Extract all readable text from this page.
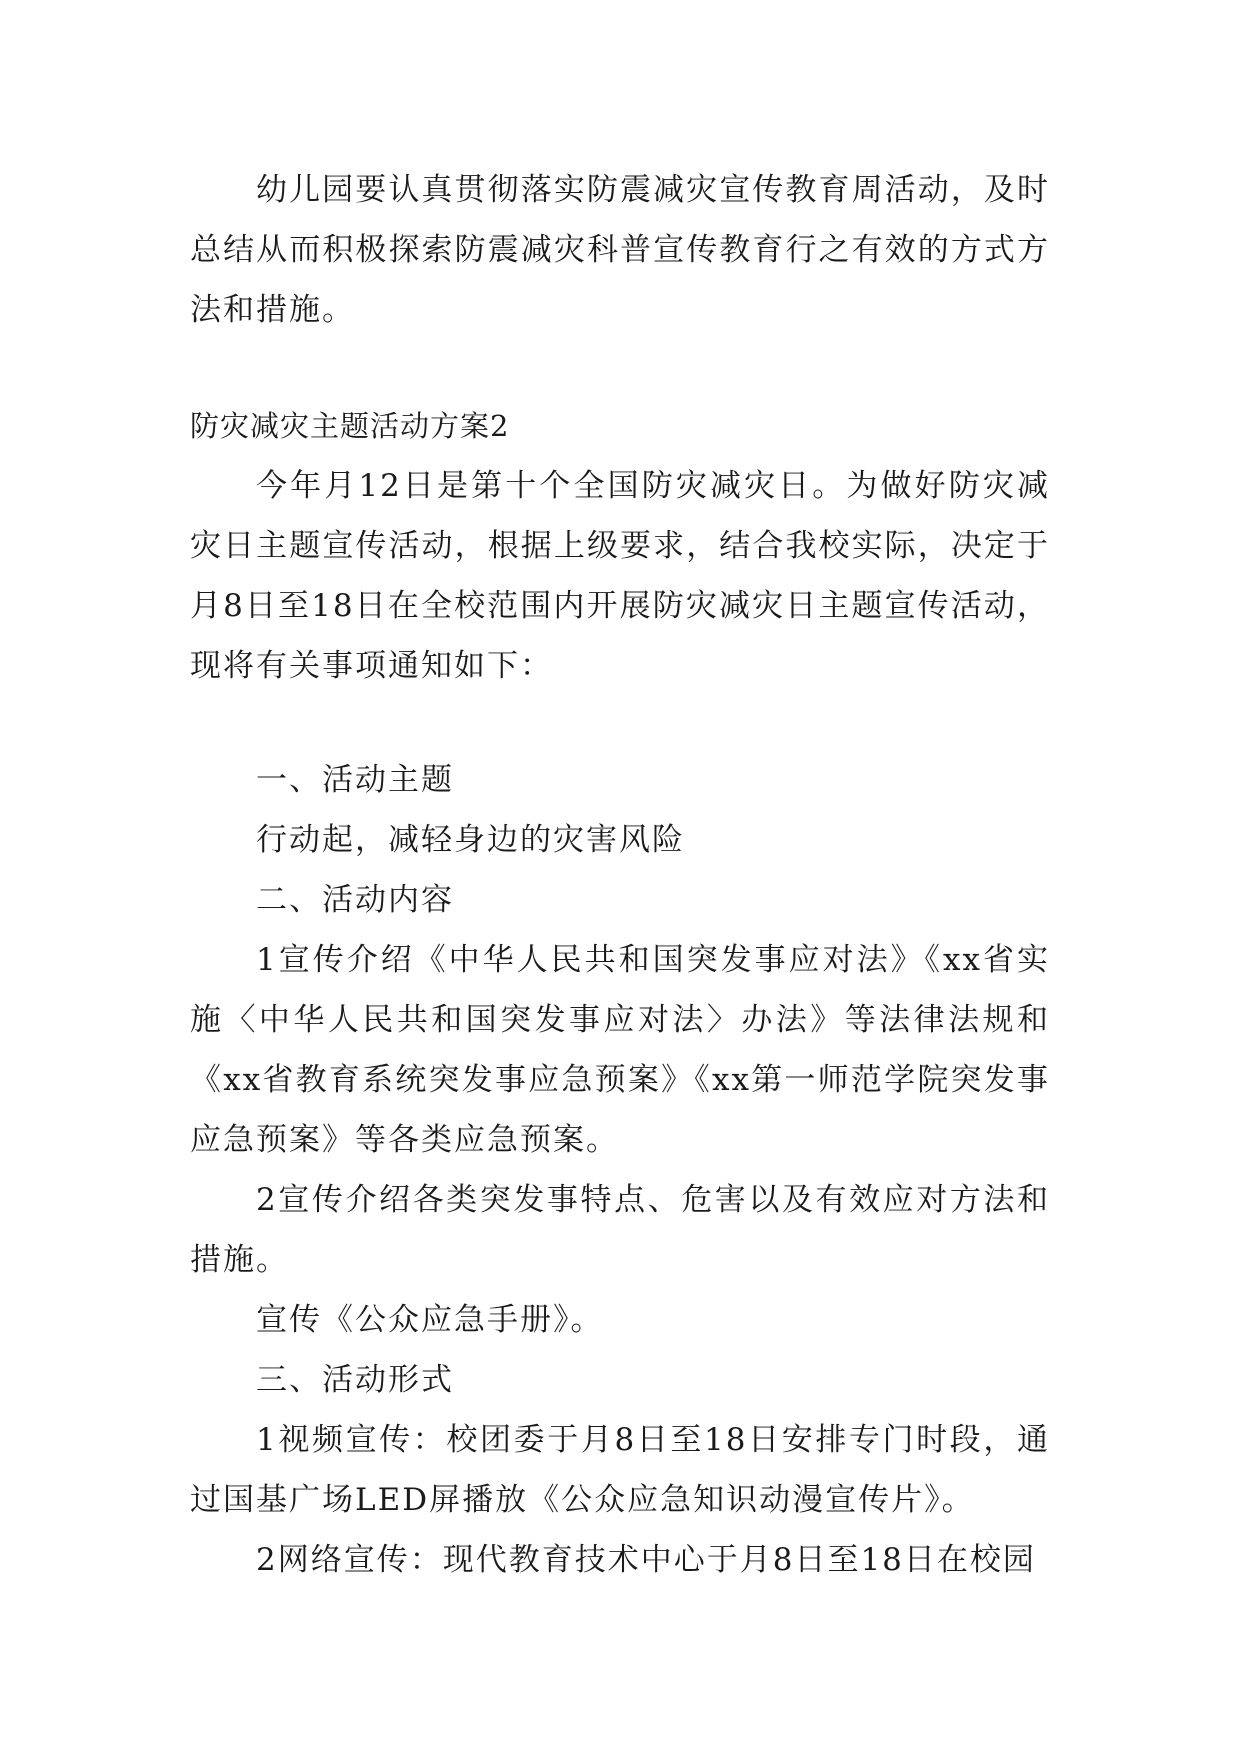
幼儿园要认真贯彻落实防震减灾宣传教育周活动，及时总结从而积极探索防震减灾科普宣传教育行之有效的方式方法和措施。

防灾减灾主题活动方案2

今年月12日是第十个全国防灾减灾日。为做好防灾减灾日主题宣传活动，根据上级要求，结合我校实际，决定于月8日至18日在全校范围内开展防灾减灾日主题宣传活动，现将有关事项通知如下：

一、活动主题

行动起，减轻身边的灾害风险

二、活动内容

1宣传介绍《中华人民共和国突发事应对法》《xx省实施〈中华人民共和国突发事应对法〉办法》等法律法规和《xx省教育系统突发事应急预案》《xx第一师范学院突发事应急预案》等各类应急预案。

2宣传介绍各类突发事特点、危害以及有效应对方法和措施。

宣传《公众应急手册》。

三、活动形式

1视频宣传：校团委于月8日至18日安排专门时段，通过国基广场LED屏播放《公众应急知识动漫宣传片》。

2网络宣传：现代教育技术中心于月8日至18日在校园
